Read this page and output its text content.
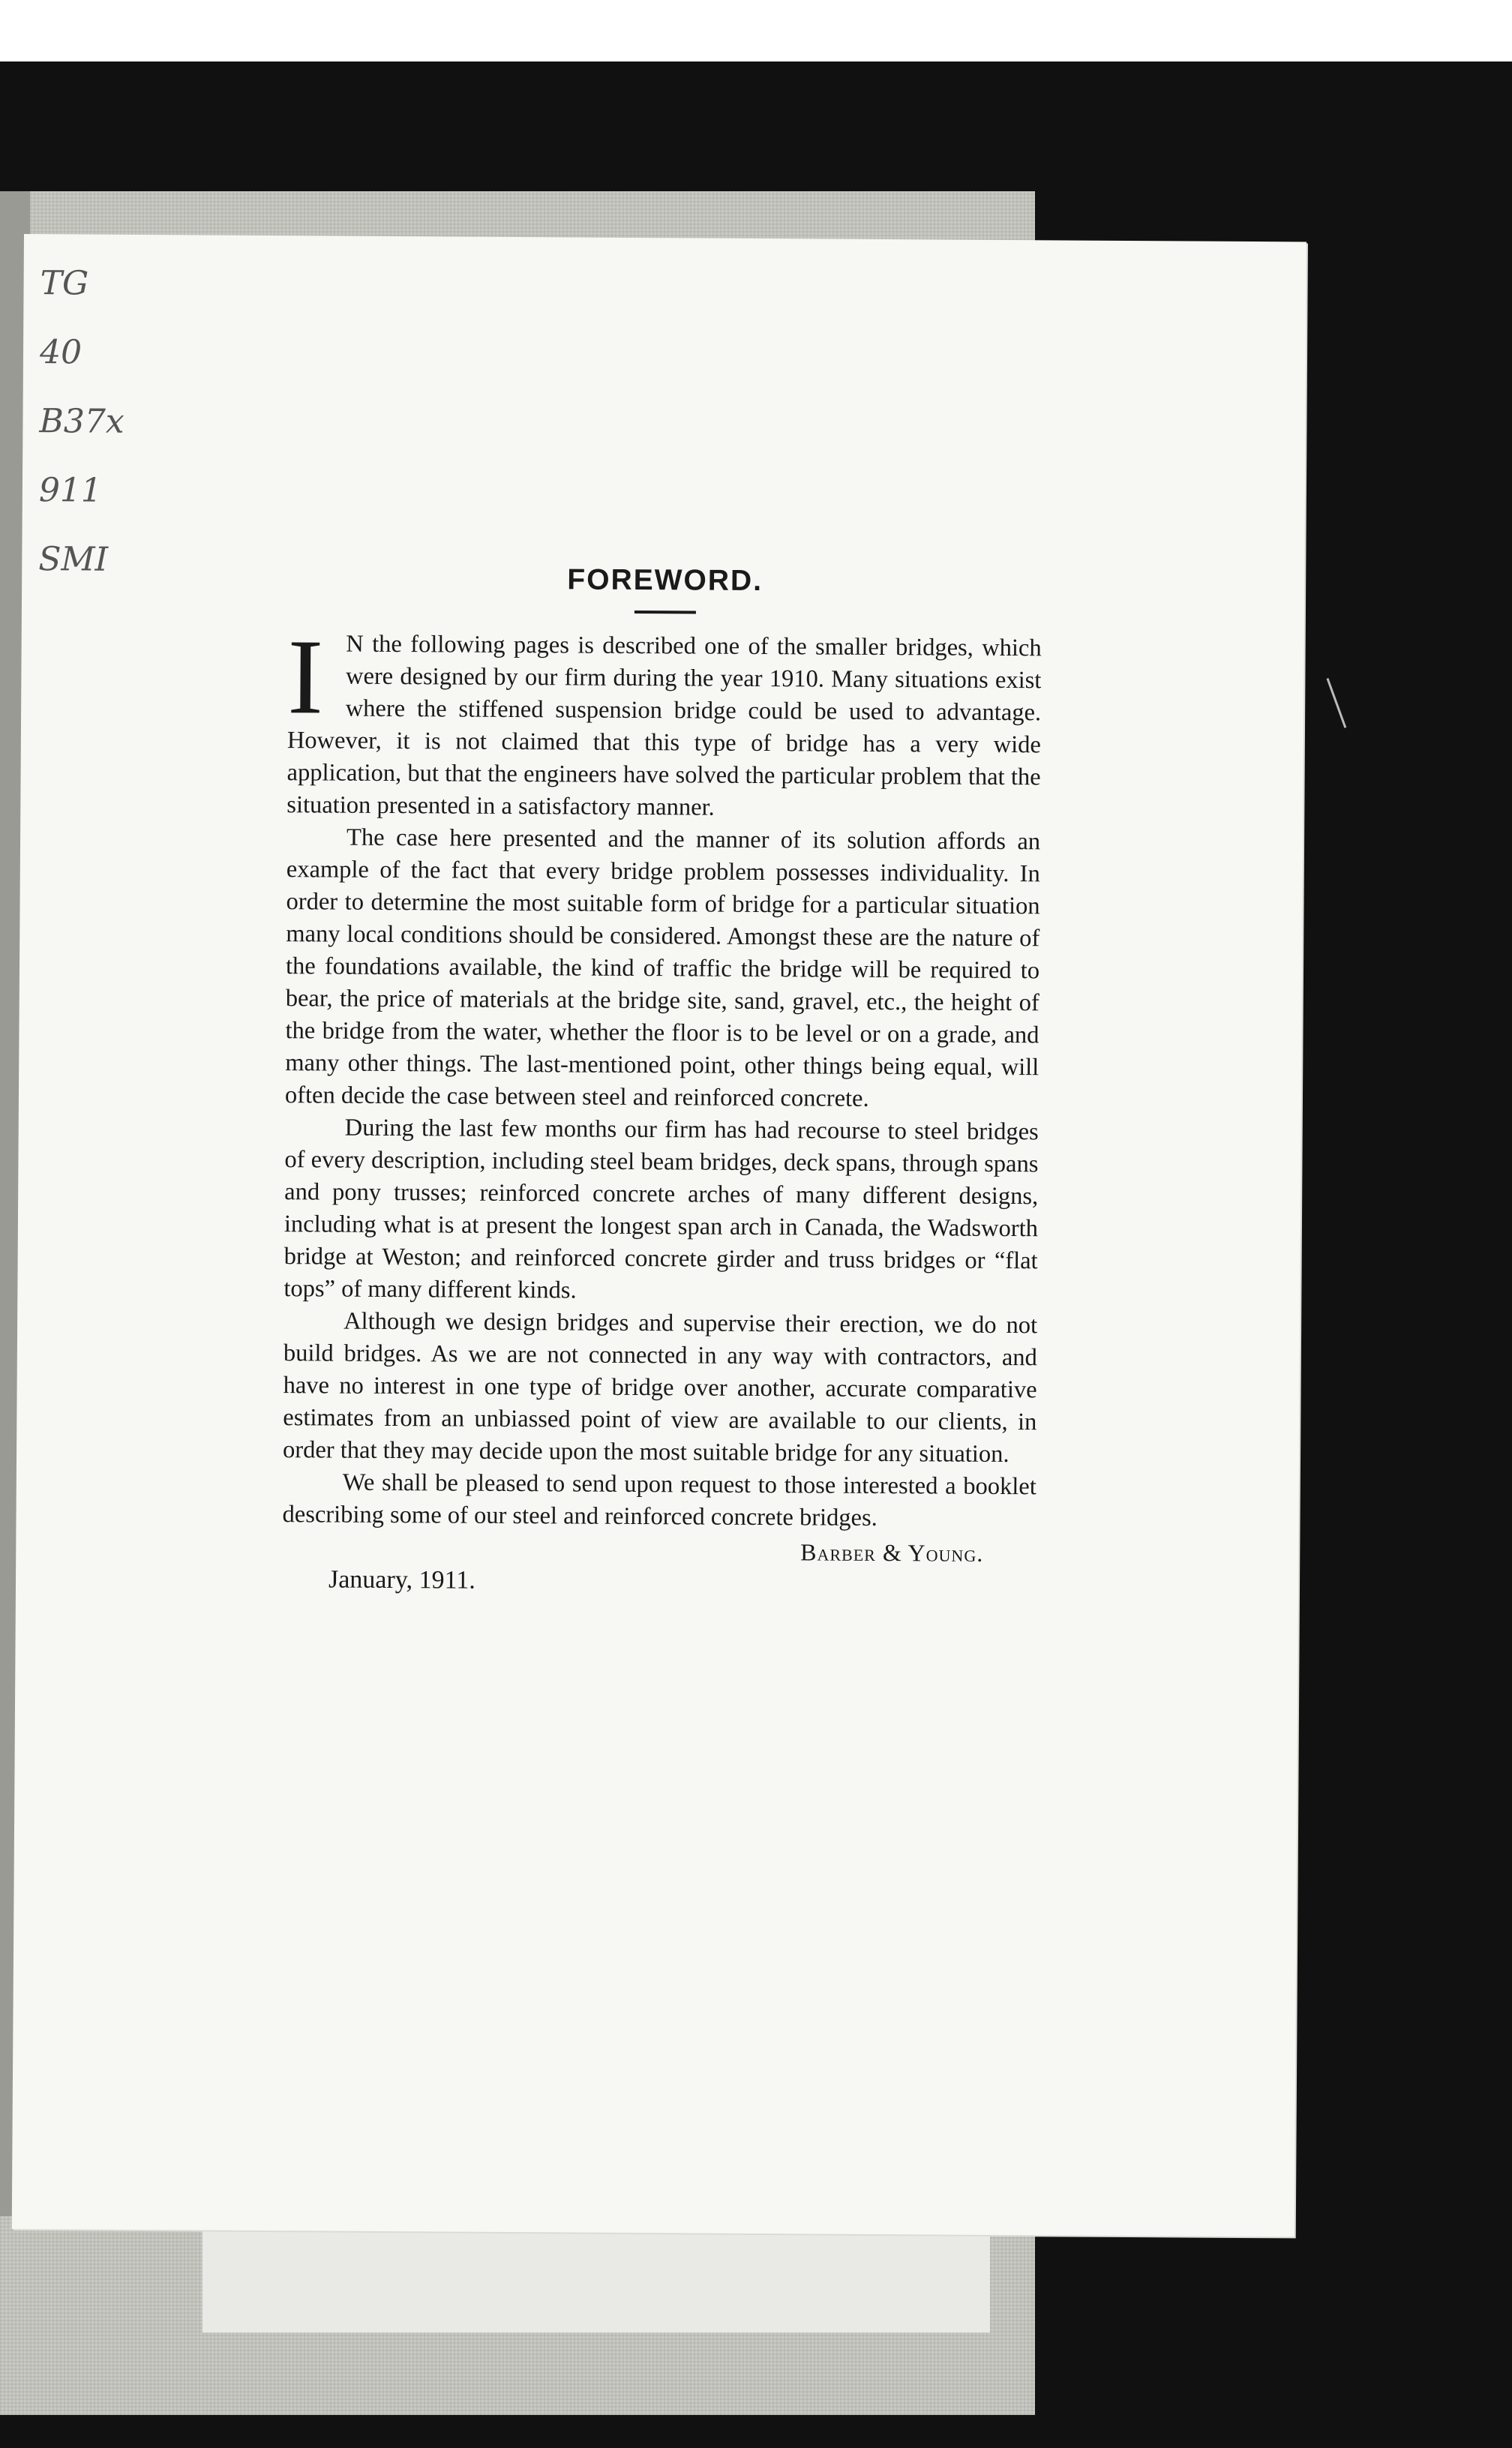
l
TG
40
B37x
911
SMI
FOREWORD.

I N the following pages is described one of the smaller bridges, which were designed by our firm during the year 1910. Many situations exist where the stiffened suspension bridge could be used to advantage. However, it is not claimed that this type of bridge has a very wide application, but that the engineers have solved the particular problem that the situation presented in a satisfactory manner.

The case here presented and the manner of its solution affords an example of the fact that every bridge problem possesses individuality. In order to determine the most suitable form of bridge for a particular situation many local conditions should be considered. Amongst these are the nature of the foundations available, the kind of traffic the bridge will be required to bear, the price of materials at the bridge site, sand, gravel, etc., the height of the bridge from the water, whether the floor is to be level or on a grade, and many other things. The last-mentioned point, other things being equal, will often decide the case between steel and reinforced concrete.

During the last few months our firm has had recourse to steel bridges of every description, including steel beam bridges, deck spans, through spans and pony trusses; reinforced concrete arches of many different designs, including what is at present the longest span arch in Canada, the Wadsworth bridge at Weston; and reinforced concrete girder and truss bridges or “flat tops” of many different kinds.

Although we design bridges and supervise their erection, we do not build bridges. As we are not connected in any way with contractors, and have no interest in one type of bridge over another, accurate comparative estimates from an unbiassed point of view are available to our clients, in order that they may decide upon the most suitable bridge for any situation.

We shall be pleased to send upon request to those interested a booklet describing some of our steel and reinforced concrete bridges.

Barber & Young.
January, 1911.
